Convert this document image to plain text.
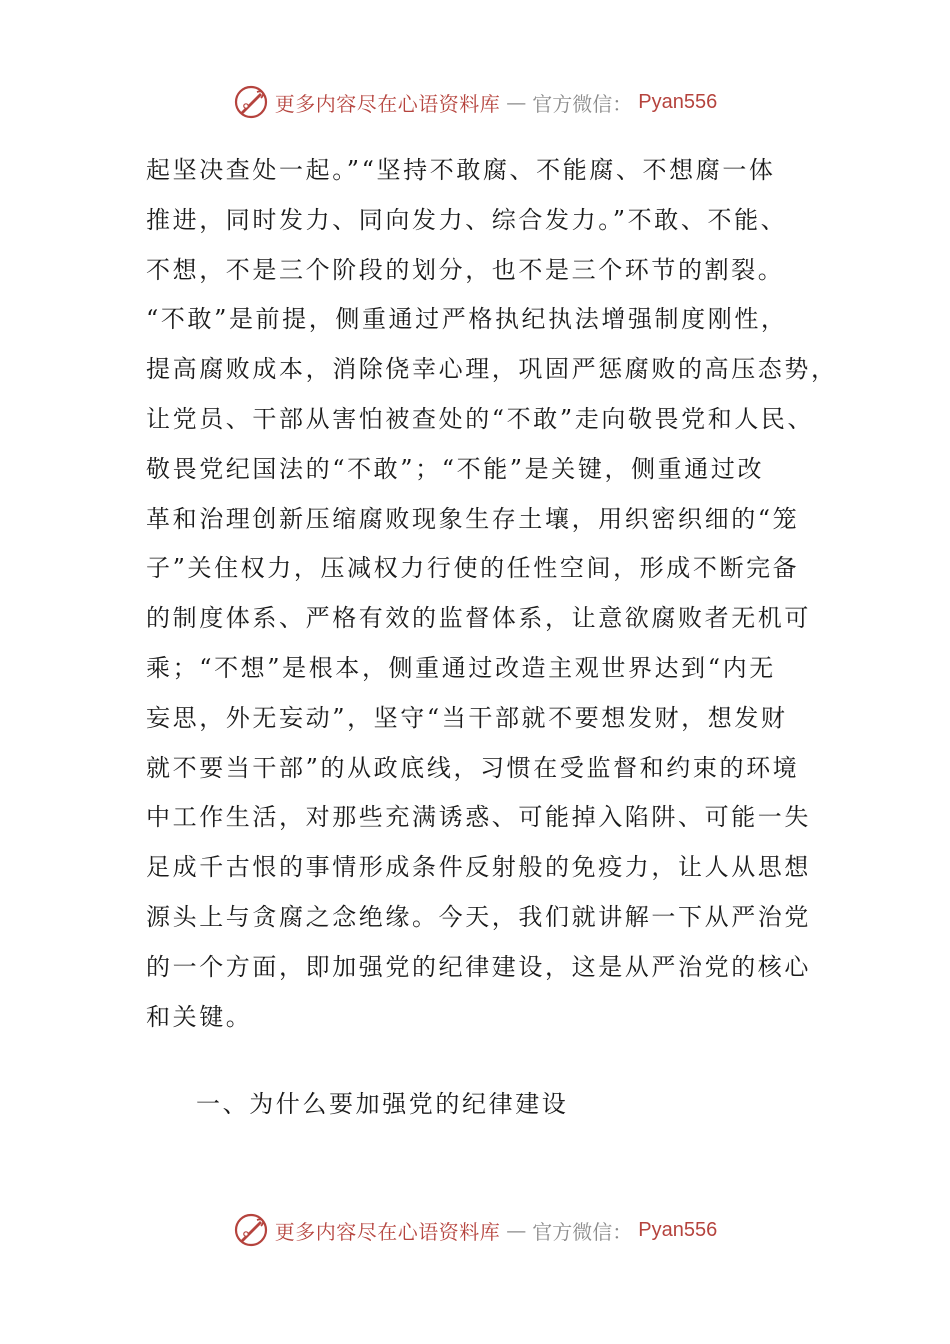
更多内容尽在心语资料库 — 官方微信： Pyan556
起坚决查处一起。”“坚持不敢腐、不能腐、不想腐一体
推进，同时发力、同向发力、综合发力。”不敢、不能、
不想，不是三个阶段的划分，也不是三个环节的割裂。
“不敢”是前提，侧重通过严格执纪执法增强制度刚性，
提高腐败成本，消除侥幸心理，巩固严惩腐败的高压态势，
让党员、干部从害怕被查处的“不敢”走向敬畏党和人民、
敬畏党纪国法的“不敢”；“不能”是关键，侧重通过改
革和治理创新压缩腐败现象生存土壤，用织密织细的“笼
子”关住权力，压减权力行使的任性空间，形成不断完备
的制度体系、严格有效的监督体系，让意欲腐败者无机可
乘；“不想”是根本，侧重通过改造主观世界达到“内无
妄思，外无妄动”，坚守“当干部就不要想发财，想发财
就不要当干部”的从政底线，习惯在受监督和约束的环境
中工作生活，对那些充满诱惑、可能掉入陷阱、可能一失
足成千古恨的事情形成条件反射般的免疫力，让人从思想
源头上与贪腐之念绝缘。今天，我们就讲解一下从严治党
的一个方面，即加强党的纪律建设，这是从严治党的核心
和关键。
一、为什么要加强党的纪律建设
更多内容尽在心语资料库 — 官方微信： Pyan556
